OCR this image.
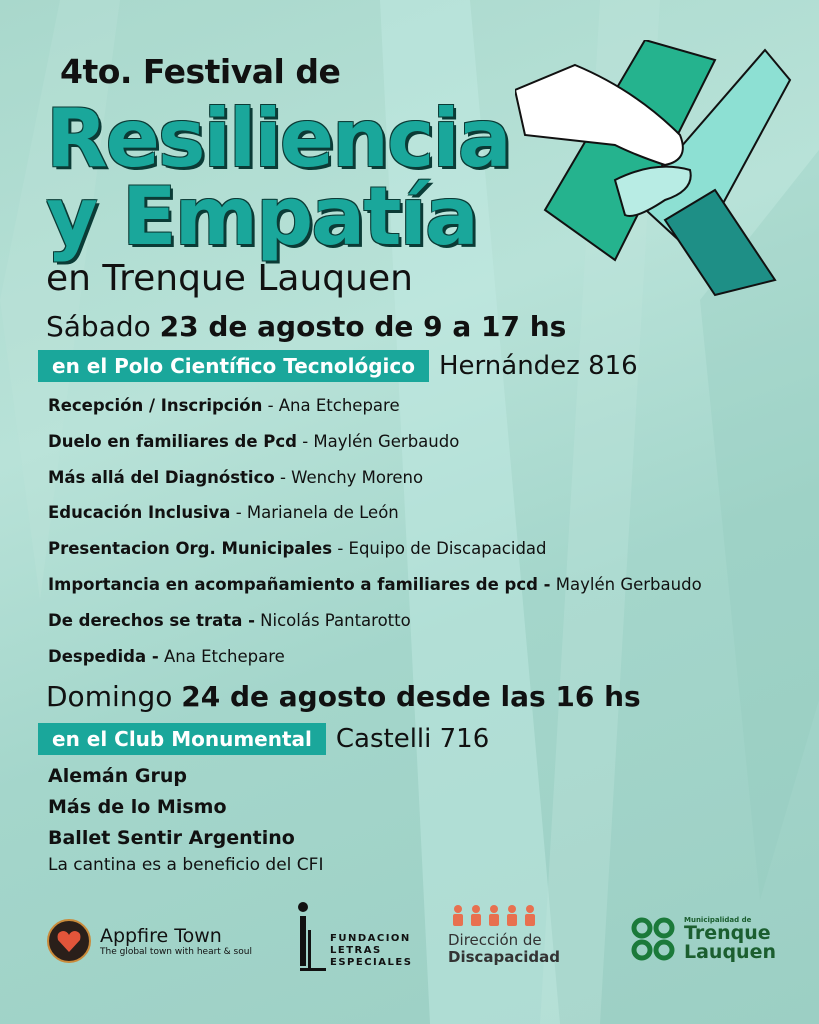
4to. Festival de
Resiliencia
y Empatía
en Trenque Lauquen
Sábado 23 de agosto de 9 a 17 hs
en el Polo Científico Tecnológico Hernández 816
Recepción / Inscripción - Ana Etchepare
Duelo en familiares de Pcd - Maylén Gerbaudo
Más allá del Diagnóstico - Wenchy Moreno
Educación Inclusiva - Marianela de León
Presentacion Org. Municipales - Equipo de Discapacidad
Importancia en acompañamiento a familiares de pcd - Maylén Gerbaudo
De derechos se trata - Nicolás Pantarotto
Despedida - Ana Etchepare
Domingo 24 de agosto desde las 16 hs
en el Club Monumental Castelli 716
Alemán Grup
Más de lo Mismo
Ballet Sentir Argentino
La cantina es a beneficio del CFI
Appfire Town
The global town with heart & soul
FUNDACION
LETRAS
ESPECIALES
Dirección de
Discapacidad
Municipalidad de
Trenque
Lauquen
